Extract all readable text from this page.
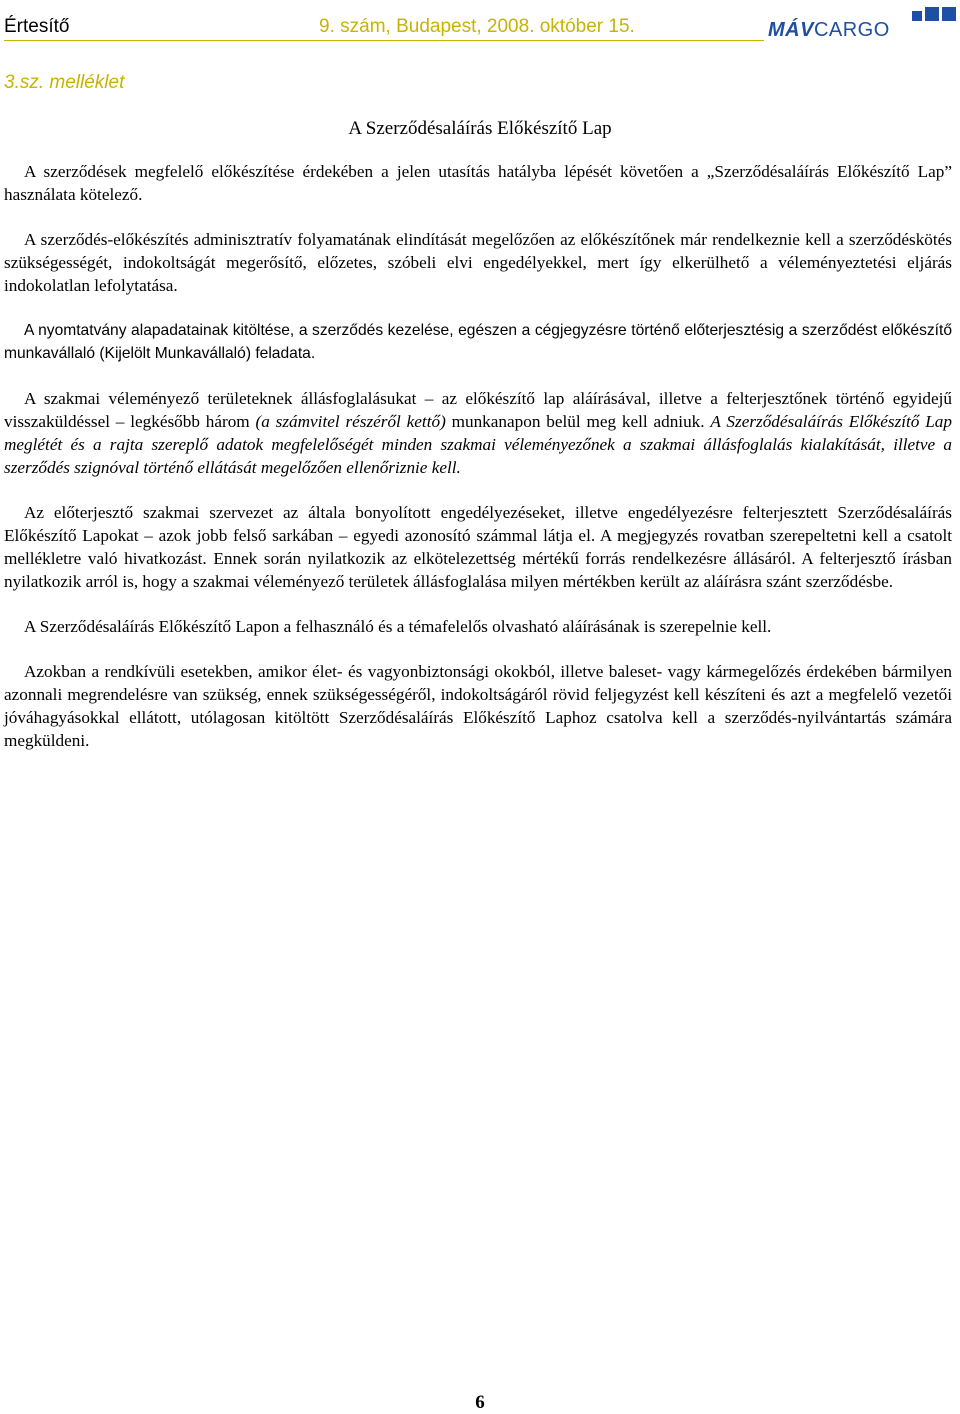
Értesítő	9. szám, Budapest, 2008. október 15.	MÁVCARGO
3.sz. melléklet
A Szerződésaláírás Előkészítő Lap

A szerződések megfelelő előkészítése érdekében a jelen utasítás hatályba lépését követően a „Szerződésaláírás Előkészítő Lap” használata kötelező.

A szerződés-előkészítés adminisztratív folyamatának elindítását megelőzően az előkészítőnek már rendelkeznie kell a szerződéskötés szükségességét, indokoltságát megerősítő, előzetes, szóbeli elvi engedélyekkel, mert így elkerülhető a véleményeztetési eljárás indokolatlan lefolytatása.

A nyomtatvány alapadatainak kitöltése, a szerződés kezelése, egészen a cégjegyzésre történő előterjesztésig a szerződést előkészítő munkavállaló (Kijelölt Munkavállaló) feladata.

A szakmai véleményező területeknek állásfoglalásukat – az előkészítő lap aláírásával, illetve a felterjesztőnek történő egyidejű visszaküldéssel – legkésőbb három (a számvitel részéről kettő) munkanapon belül meg kell adniuk. A Szerződésaláírás Előkészítő Lap meglétét és a rajta szereplő adatok megfelelőségét minden szakmai véleményezőnek a szakmai állásfoglalás kialakítását, illetve a szerződés szignóval történő ellátását megelőzően ellenőriznie kell.

Az előterjesztő szakmai szervezet az általa bonyolított engedélyezéseket, illetve engedélyezésre felterjesztett Szerződésaláírás Előkészítő Lapokat – azok jobb felső sarkában – egyedi azonosító számmal látja el. A megjegyzés rovatban szerepeltetni kell a csatolt mellékletre való hivatkozást. Ennek során nyilatkozik az elkötelezettség mértékű forrás rendelkezésre állásáról. A felterjesztő írásban nyilatkozik arról is, hogy a szakmai véleményező területek állásfoglalása milyen mértékben került az aláírásra szánt szerződésbe.

A Szerződésaláírás Előkészítő Lapon a felhasználó és a témafelelős olvasható aláírásának is szerepelnie kell.

Azokban a rendkívüli esetekben, amikor élet- és vagyonbiztonsági okokból, illetve baleset- vagy kármegelőzés érdekében bármilyen azonnali megrendelésre van szükség, ennek szükségességéről, indokoltságáról rövid feljegyzést kell készíteni és azt a megfelelő vezetői jóváhagyásokkal ellátott, utólagosan kitöltött Szerződésaláírás Előkészítő Laphoz csatolva kell a szerződés-nyilvántartás számára megküldeni.

6
